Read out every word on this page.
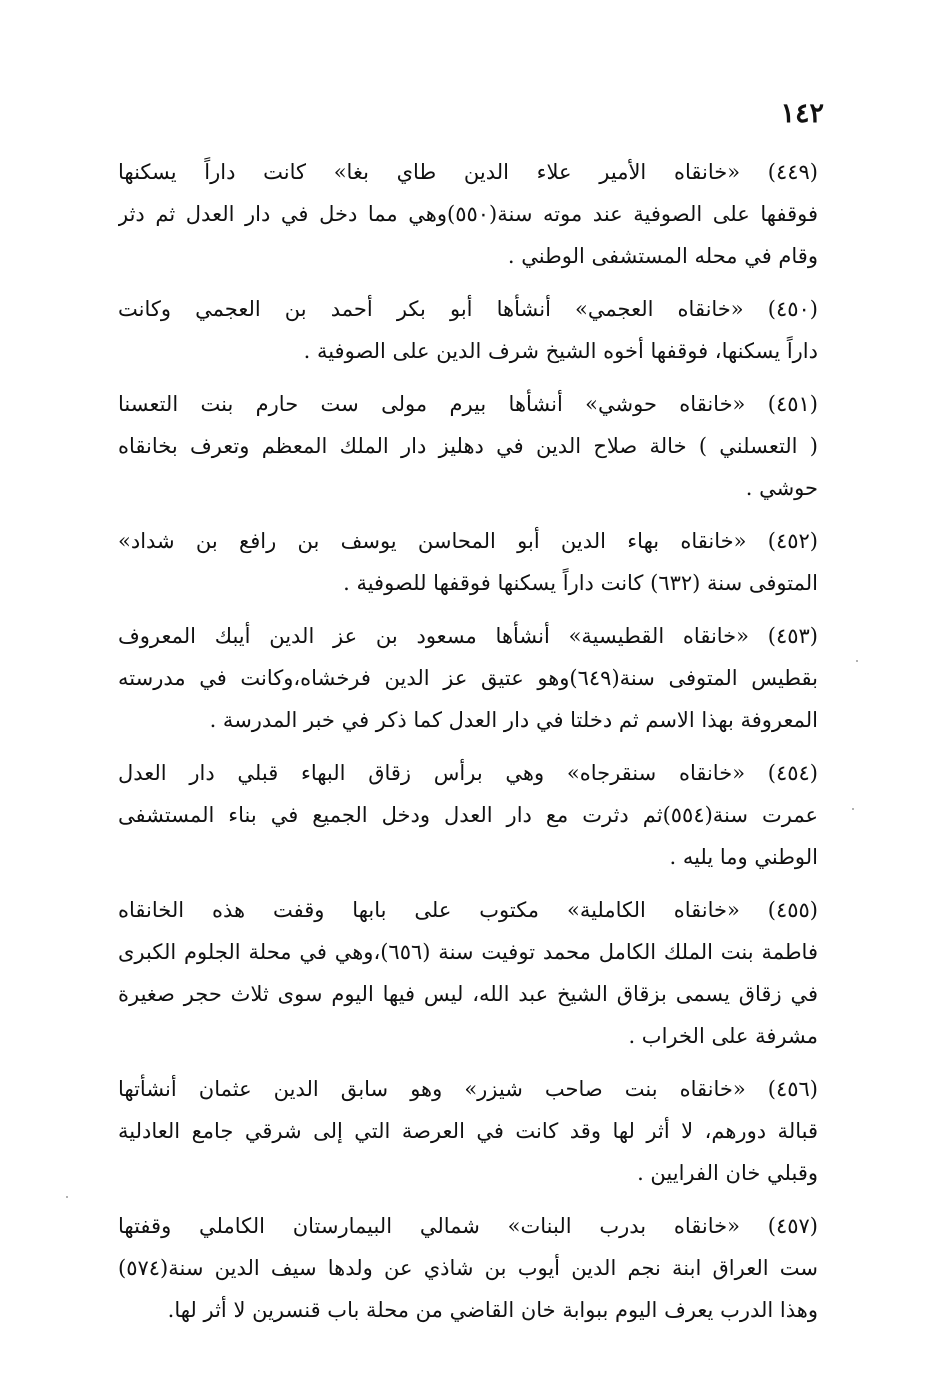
١٤٢
(٤٤٩) «خانقاه الأمير علاء الدين طاي بغا» كانت داراً يسكنها
فوقفها على الصوفية عند موته سنة(٥٥٠)وهي مما دخل في دار العدل ثم دثر
وقام في محله المستشفى الوطني .
(٤٥٠) «خانقاه العجمي» أنشأها أبو بكر أحمد بن العجمي وكانت
داراً يسكنها، فوقفها أخوه الشيخ شرف الدين على الصوفية .
(٤٥١) «خانقاه حوشي» أنشأها بيرم مولى ست حارم بنت التعسنا
( التعسلني ) خالة صلاح الدين في دهليز دار الملك المعظم وتعرف بخانقاه
حوشي .
(٤٥٢) «خانقاه بهاء الدين أبو المحاسن يوسف بن رافع بن شداد»
المتوفى سنة (٦٣٢) كانت داراً يسكنها فوقفها للصوفية .
(٤٥٣) «خانقاه القطيسية» أنشأها مسعود بن عز الدين أيبك المعروف
بقطيس المتوفى سنة(٦٤٩)وهو عتيق عز الدين فرخشاه،وكانت في مدرسته
المعروفة بهذا الاسم ثم دخلتا في دار العدل كما ذكر في خبر المدرسة .
(٤٥٤) «خانقاه سنقرجاه» وهي برأس زقاق البهاء قبلي دار العدل
عمرت سنة(٥٥٤)ثم دثرت مع دار العدل ودخل الجميع في بناء المستشفى
الوطني وما يليه .
(٤٥٥) «خانقاه الكاملية» مكتوب على بابها وقفت هذه الخانقاه
فاطمة بنت الملك الكامل محمد توفيت سنة (٦٥٦)،وهي في محلة الجلوم الكبرى
في زقاق يسمى بزقاق الشيخ عبد الله، ليس فيها اليوم سوى ثلاث حجر صغيرة
مشرفة على الخراب .
(٤٥٦) «خانقاه بنت صاحب شيزر» وهو سابق الدين عثمان أنشأتها
قبالة دورهم، لا أثر لها وقد كانت في العرصة التي إلى شرقي جامع العادلية
وقبلي خان الفرايين .
(٤٥٧) «خانقاه بدرب البنات» شمالي البيمارستان الكاملي وقفتها
ست العراق ابنة نجم الدين أيوب بن شاذي عن ولدها سيف الدين سنة(٥٧٤)
وهذا الدرب يعرف اليوم ببوابة خان القاضي من محلة باب قنسرين لا أثر لها.
